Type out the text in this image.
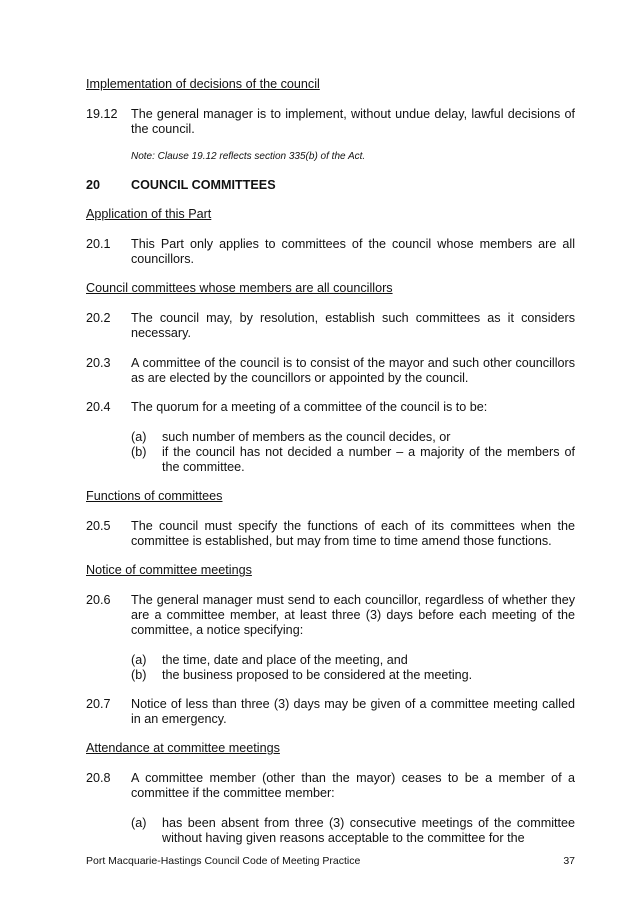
Implementation of decisions of the council
19.12 The general manager is to implement, without undue delay, lawful decisions of the council.
Note: Clause 19.12 reflects section 335(b) of the Act.
20 COUNCIL COMMITTEES
Application of this Part
20.1 This Part only applies to committees of the council whose members are all councillors.
Council committees whose members are all councillors
20.2 The council may, by resolution, establish such committees as it considers necessary.
20.3 A committee of the council is to consist of the mayor and such other councillors as are elected by the councillors or appointed by the council.
20.4 The quorum for a meeting of a committee of the council is to be:
(a) such number of members as the council decides, or
(b) if the council has not decided a number – a majority of the members of the committee.
Functions of committees
20.5 The council must specify the functions of each of its committees when the committee is established, but may from time to time amend those functions.
Notice of committee meetings
20.6 The general manager must send to each councillor, regardless of whether they are a committee member, at least three (3) days before each meeting of the committee, a notice specifying:
(a) the time, date and place of the meeting, and
(b) the business proposed to be considered at the meeting.
20.7 Notice of less than three (3) days may be given of a committee meeting called in an emergency.
Attendance at committee meetings
20.8 A committee member (other than the mayor) ceases to be a member of a committee if the committee member:
(a) has been absent from three (3) consecutive meetings of the committee without having given reasons acceptable to the committee for the
Port Macquarie-Hastings Council Code of Meeting Practice	37
